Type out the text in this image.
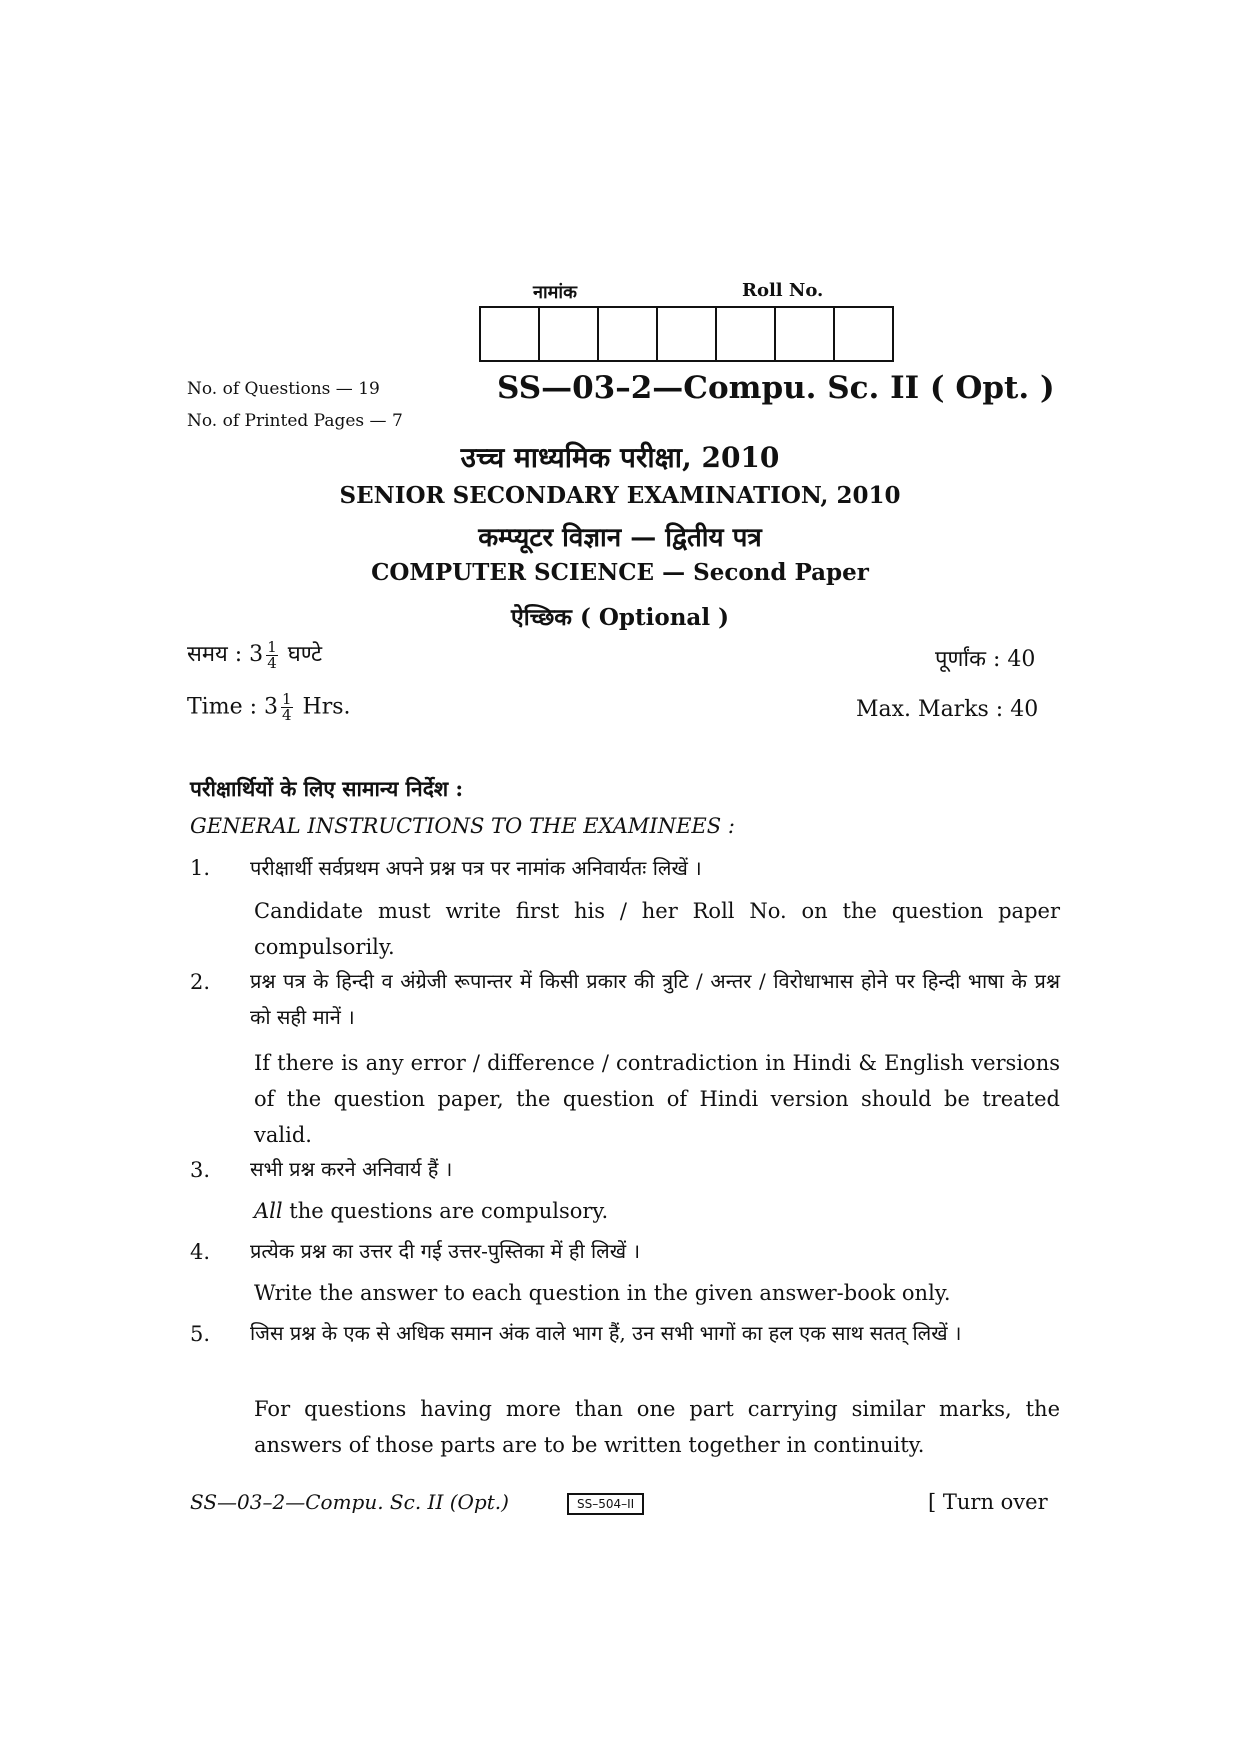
नामांक	Roll No.
No. of Questions — 19
No. of Printed Pages — 7
SS—03–2—Compu. Sc. II ( Opt. )
उच्च माध्यमिक परीक्षा, 2010
SENIOR SECONDARY EXAMINATION, 2010
कम्प्यूटर विज्ञान — द्वितीय पत्र
COMPUTER SCIENCE — Second Paper
ऐच्छिक ( Optional )
समय : $3 \frac{1}{4}$ घण्टे	पूर्णांक : 40
Time : $3 \frac{1}{4}$ Hrs.	Max. Marks : 40
परीक्षार्थियों के लिए सामान्य निर्देश :
GENERAL INSTRUCTIONS TO THE EXAMINEES :
1. परीक्षार्थी सर्वप्रथम अपने प्रश्न पत्र पर नामांक अनिवार्यतः लिखें ।
Candidate must write first his / her Roll No. on the question paper compulsorily.
2. प्रश्न पत्र के हिन्दी व अंग्रेजी रूपान्तर में किसी प्रकार की त्रुटि / अन्तर / विरोधाभास होने पर हिन्दी भाषा के प्रश्न को सही मानें ।
If there is any error / difference / contradiction in Hindi & English versions of the question paper, the question of Hindi version should be treated valid.
3. सभी प्रश्न करने अनिवार्य हैं ।
All the questions are compulsory.
4. प्रत्येक प्रश्न का उत्तर दी गई उत्तर-पुस्तिका में ही लिखें ।
Write the answer to each question in the given answer-book only.
5. जिस प्रश्न के एक से अधिक समान अंक वाले भाग हैं, उन सभी भागों का हल एक साथ सतत् लिखें ।
For questions having more than one part carrying similar marks, the answers of those parts are to be written together in continuity.
SS—03–2—Compu. Sc. II (Opt.)	SS–504–II	[ Turn over
